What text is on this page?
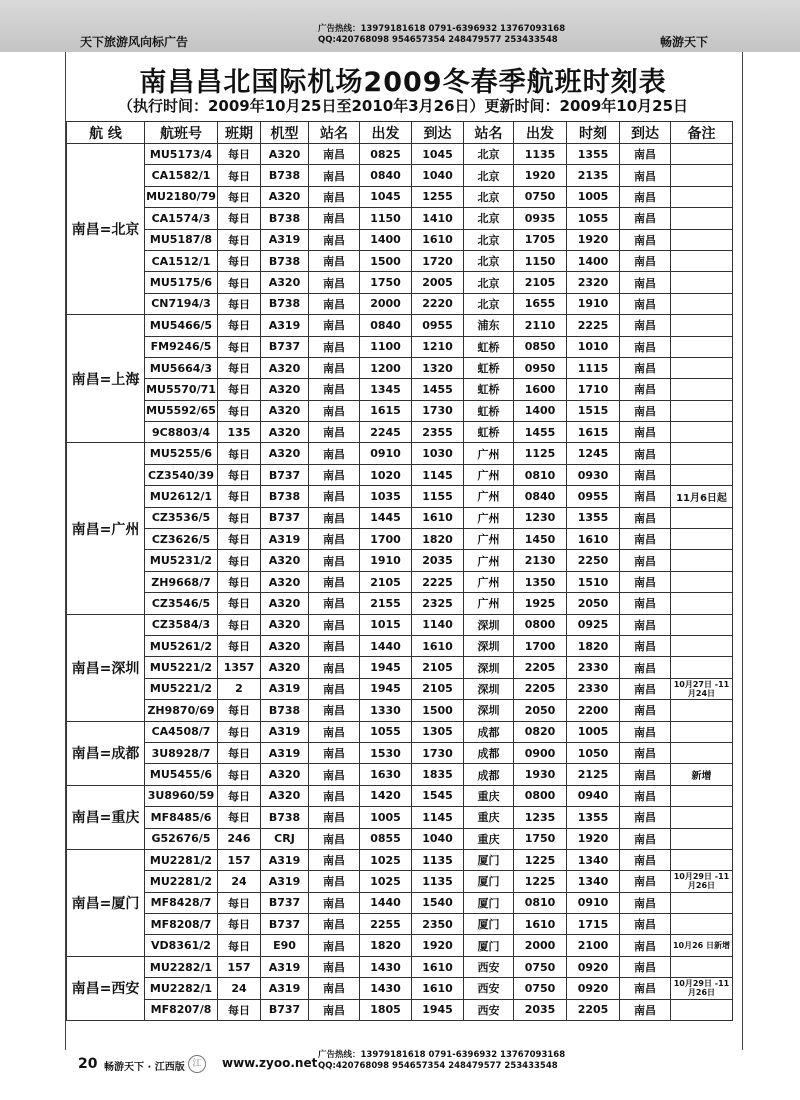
天下旅游风向标广告
广告热线：13979181618 0791-6396932 13767093168
QQ:420768098 954657354 248479577 253433548	畅游天下
南昌昌北国际机场2009冬春季航班时刻表
（执行时间：2009年10月25日至2010年3月26日）更新时间：2009年10月25日
航 线	航班号	班期	机型	站名	出发	到达	站名	出发	时刻	到达	备注
南昌=北京	MU5173/4	每日	A320	南昌	0825	1045	北京	1135	1355	南昌	
	CA1582/1	每日	B738	南昌	0840	1040	北京	1920	2135	南昌	
	MU2180/79	每日	A320	南昌	1045	1255	北京	0750	1005	南昌	
	CA1574/3	每日	B738	南昌	1150	1410	北京	0935	1055	南昌	
	MU5187/8	每日	A319	南昌	1400	1610	北京	1705	1920	南昌	
	CA1512/1	每日	B738	南昌	1500	1720	北京	1150	1400	南昌	
	MU5175/6	每日	A320	南昌	1750	2005	北京	2105	2320	南昌	
	CN7194/3	每日	B738	南昌	2000	2220	北京	1655	1910	南昌	
南昌=上海	MU5466/5	每日	A319	南昌	0840	0955	浦东	2110	2225	南昌	
	FM9246/5	每日	B737	南昌	1100	1210	虹桥	0850	1010	南昌	
	MU5664/3	每日	A320	南昌	1200	1320	虹桥	0950	1115	南昌	
	MU5570/71	每日	A320	南昌	1345	1455	虹桥	1600	1710	南昌	
	MU5592/65	每日	A320	南昌	1615	1730	虹桥	1400	1515	南昌	
	9C8803/4	135	A320	南昌	2245	2355	虹桥	1455	1615	南昌	
南昌=广州	MU5255/6	每日	A320	南昌	0910	1030	广州	1125	1245	南昌	
	CZ3540/39	每日	B737	南昌	1020	1145	广州	0810	0930	南昌	
	MU2612/1	每日	B738	南昌	1035	1155	广州	0840	0955	南昌	11月6日起
	CZ3536/5	每日	B737	南昌	1445	1610	广州	1230	1355	南昌	
	CZ3626/5	每日	A319	南昌	1700	1820	广州	1450	1610	南昌	
	MU5231/2	每日	A320	南昌	1910	2035	广州	2130	2250	南昌	
	ZH9668/7	每日	A320	南昌	2105	2225	广州	1350	1510	南昌	
	CZ3546/5	每日	A320	南昌	2155	2325	广州	1925	2050	南昌	
南昌=深圳	CZ3584/3	每日	A320	南昌	1015	1140	深圳	0800	0925	南昌	
	MU5261/2	每日	A320	南昌	1440	1610	深圳	1700	1820	南昌	
	MU5221/2	1357	A320	南昌	1945	2105	深圳	2205	2330	南昌	
	MU5221/2	2	A319	南昌	1945	2105	深圳	2205	2330	南昌	10月27日 -11月24日
	ZH9870/69	每日	B738	南昌	1330	1500	深圳	2050	2200	南昌	
南昌=成都	CA4508/7	每日	A319	南昌	1055	1305	成都	0820	1005	南昌	
	3U8928/7	每日	A319	南昌	1530	1730	成都	0900	1050	南昌	
	MU5455/6	每日	A320	南昌	1630	1835	成都	1930	2125	南昌	新增
南昌=重庆	3U8960/59	每日	A320	南昌	1420	1545	重庆	0800	0940	南昌	
	MF8485/6	每日	B738	南昌	1005	1145	重庆	1235	1355	南昌	
	G52676/5	246	CRJ	南昌	0855	1040	重庆	1750	1920	南昌	
南昌=厦门	MU2281/2	157	A319	南昌	1025	1135	厦门	1225	1340	南昌	
	MU2281/2	24	A319	南昌	1025	1135	厦门	1225	1340	南昌	10月29日 -11月26日
	MF8428/7	每日	B737	南昌	1440	1540	厦门	0810	0910	南昌	
	MF8208/7	每日	B737	南昌	2255	2350	厦门	1610	1715	南昌	
	VD8361/2	每日	E90	南昌	1820	1920	厦门	2000	2100	南昌	10月26 日新增
南昌=西安	MU2282/1	157	A319	南昌	1430	1610	西安	0750	0920	南昌	
	MU2282/1	24	A319	南昌	1430	1610	西安	0750	0920	南昌	10月29日 -11月26日
	MF8207/8	每日	B737	南昌	1805	1945	西安	2035	2205	南昌	
20 畅游天下 · 江西版 江	www.zyoo.net
广告热线：13979181618 0791-6396932 13767093168
QQ:420768098 954657354 248479577 253433548
